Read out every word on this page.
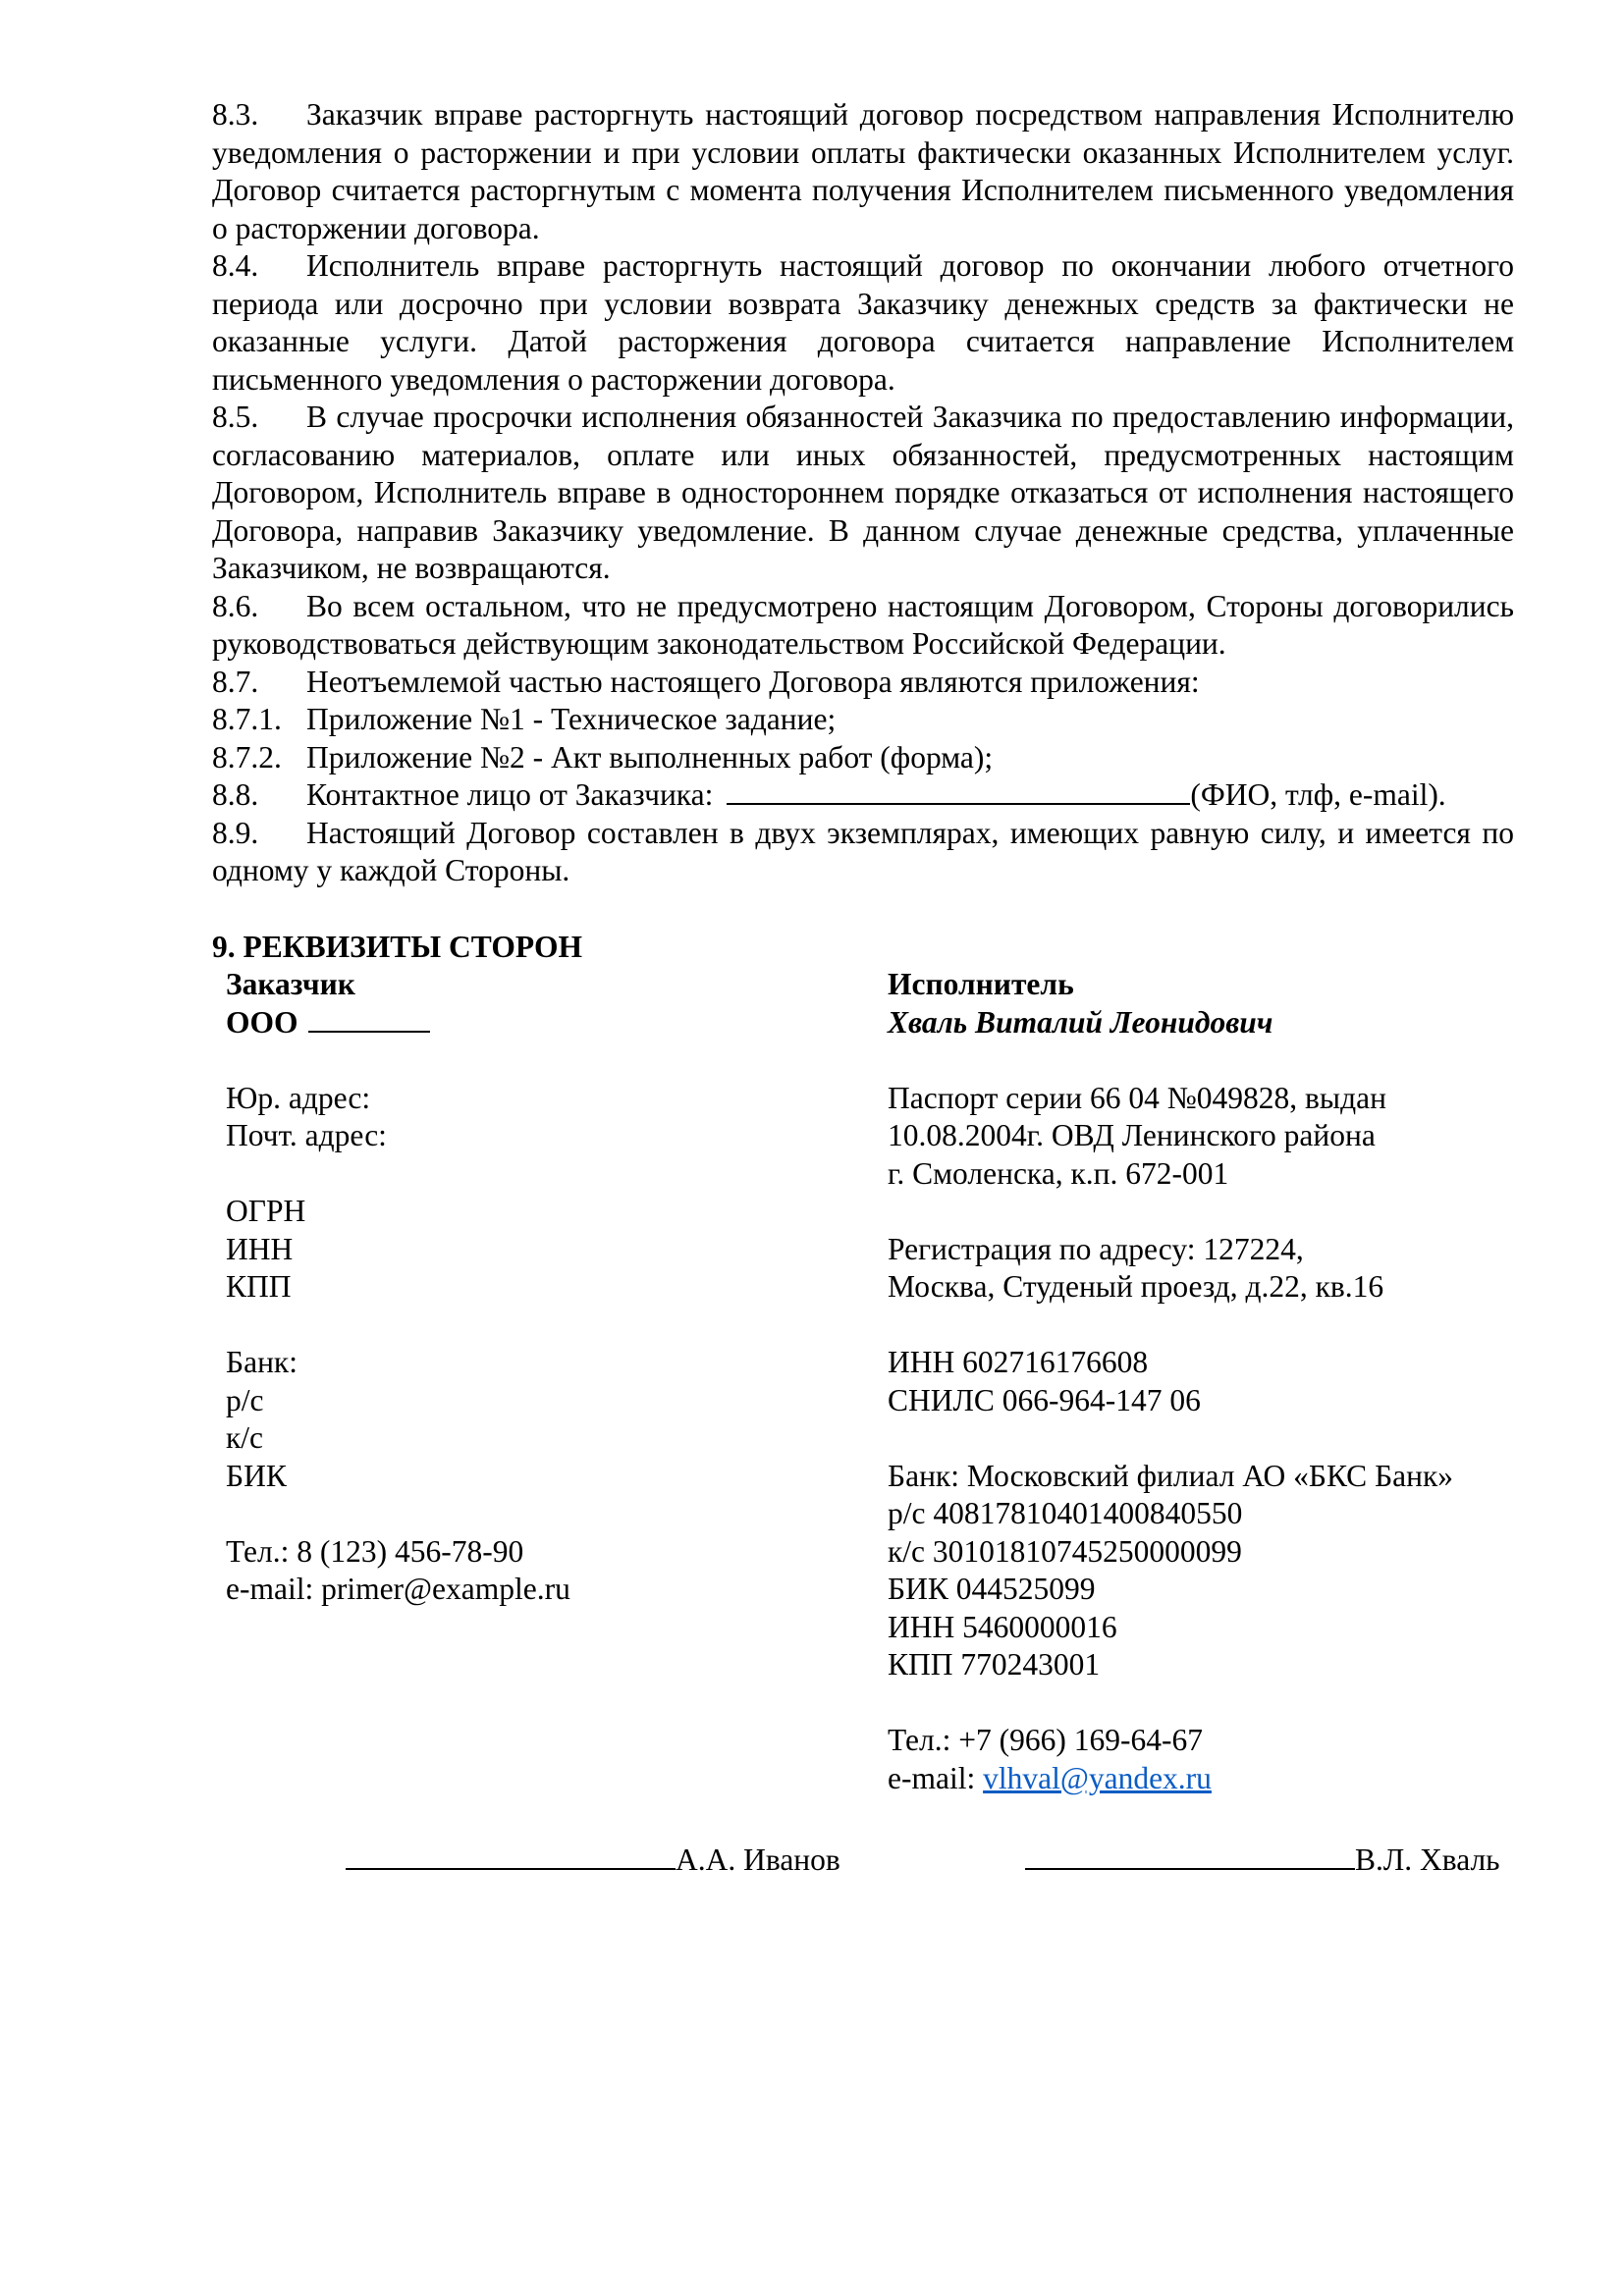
8.3. Заказчик вправе расторгнуть настоящий договор посредством направления Исполнителю уведомления о расторжении и при условии оплаты фактически оказанных Исполнителем услуг. Договор считается расторгнутым с момента получения Исполнителем письменного уведомления о расторжении договора.

8.4. Исполнитель вправе расторгнуть настоящий договор по окончании любого отчетного периода или досрочно при условии возврата Заказчику денежных средств за фактически не оказанные услуги. Датой расторжения договора считается направление Исполнителем письменного уведомления о расторжении договора.

8.5. В случае просрочки исполнения обязанностей Заказчика по предоставлению информации, согласованию материалов, оплате или иных обязанностей, предусмотренных настоящим Договором, Исполнитель вправе в одностороннем порядке отказаться от исполнения настоящего Договора, направив Заказчику уведомление. В данном случае денежные средства, уплаченные Заказчиком, не возвращаются.

8.6. Во всем остальном, что не предусмотрено настоящим Договором, Стороны договорились руководствоваться действующим законодательством Российской Федерации.

8.7. Неотъемлемой частью настоящего Договора являются приложения:

8.7.1. Приложение №1 - Техническое задание;

8.7.2. Приложение №2 - Акт выполненных работ (форма);

8.8. Контактное лицо от Заказчика:	(ФИО, тлф, e-mail).

8.9. Настоящий Договор составлен в двух экземплярах, имеющих равную силу, и имеется по одному у каждой Стороны.

9. РЕКВИЗИТЫ СТОРОН
Заказчик
ООО
Юр. адрес:
Почт. адрес:
ОГРН
ИНН
КПП
Банк:
р/с
к/с
БИК
Тел.: 8 (123) 456-78-90
e-mail: primer@example.ru
Исполнитель
Хваль Виталий Леонидович
Паспорт серии 66 04 №049828, выдан
10.08.2004г. ОВД Ленинского района
г. Смоленска, к.п. 672-001
Регистрация по адресу: 127224,
Москва, Студеный проезд, д.22, кв.16
ИНН 602716176608
СНИЛС 066-964-147 06
Банк: Московский филиал АО «БКС Банк»
р/с 40817810401400840550
к/с 30101810745250000099
БИК 044525099
ИНН 5460000016
КПП 770243001
Тел.: +7 (966) 169-64-67
e-mail: vlhval@yandex.ru
А.А. Иванов	В.Л. Хваль
